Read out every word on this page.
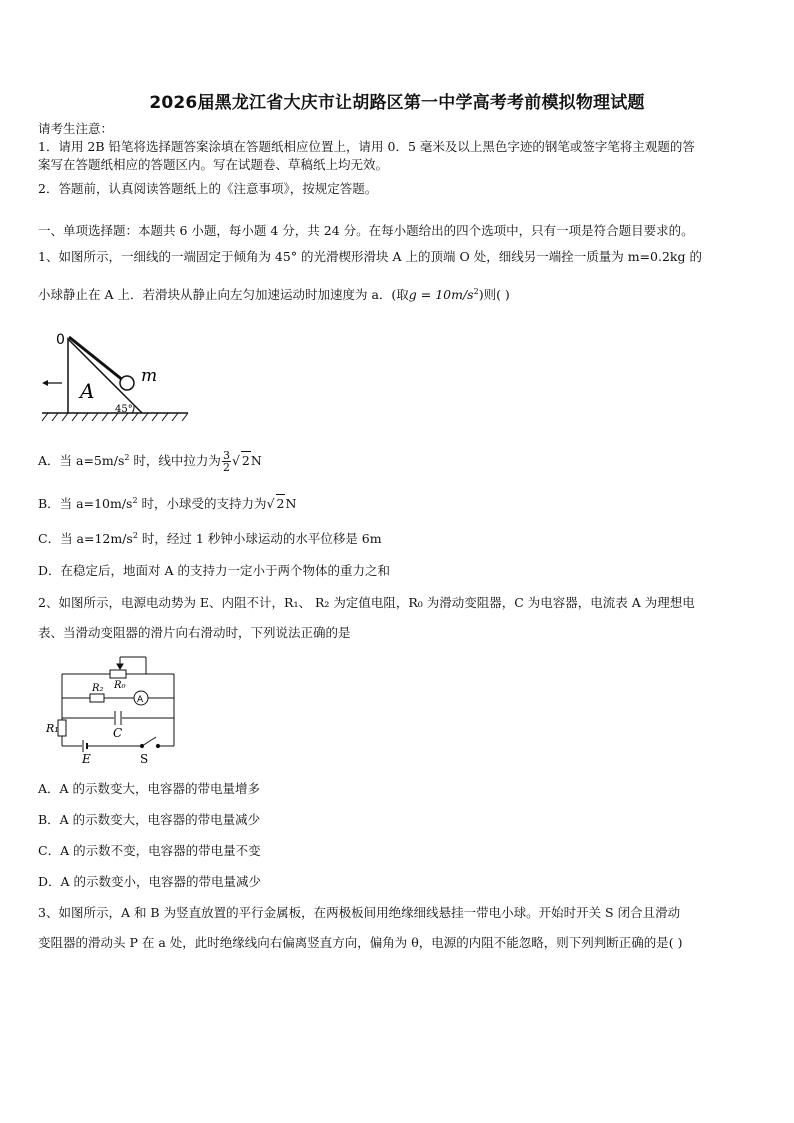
2026届黑龙江省大庆市让胡路区第一中学高考考前模拟物理试题
请考生注意：
1．请用 2B 铅笔将选择题答案涂填在答题纸相应位置上，请用 0．5 毫米及以上黑色字迹的钢笔或签字笔将主观题的答
案写在答题纸相应的答题区内。写在试题卷、草稿纸上均无效。
2．答题前，认真阅读答题纸上的《注意事项》，按规定答题。
一、单项选择题：本题共 6 小题，每小题 4 分，共 24 分。在每小题给出的四个选项中，只有一项是符合题目要求的。
1、如图所示，一细线的一端固定于倾角为 45° 的光滑楔形滑块 A 上的顶端 O 处，细线另一端拴一质量为 m=0.2kg 的
小球静止在 A 上．若滑块从静止向左匀加速运动时加速度为 a．(取$g = 10m/s^2$)则( )
0
A
m
45°
A．当 $a=5m/s^2$ 时，线中拉力为 $\frac{3}{2}$ √ 2N
B．当 $a=10m/s^2$ 时，小球受的支持力为√ 2N
C．当 $a=12m/s^2$ 时，经过 1 秒钟小球运动的水平位移是 6m
D．在稳定后，地面对 A 的支持力一定小于两个物体的重力之和
2、如图所示，电源电动势为 E、内阻不计，R₁、 R₂ 为定值电阻，R₀ 为滑动变阻器，C 为电容器，电流表 A 为理想电
表、当滑动变阻器的滑片向右滑动时，下列说法正确的是
R₂ R₀
A
C
R₁
E	S
A．A 的示数变大，电容器的带电量增多
B．A 的示数变大，电容器的带电量减少
C．A 的示数不变，电容器的带电量不变
D．A 的示数变小，电容器的带电量减少
3、如图所示，A 和 B 为竖直放置的平行金属板，在两极板间用绝缘细线悬挂一带电小球。开始时开关 S 闭合且滑动
变阻器的滑动头 P 在 a 处，此时绝缘线向右偏离竖直方向，偏角为 θ，电源的内阻不能忽略，则下列判断正确的是( )
